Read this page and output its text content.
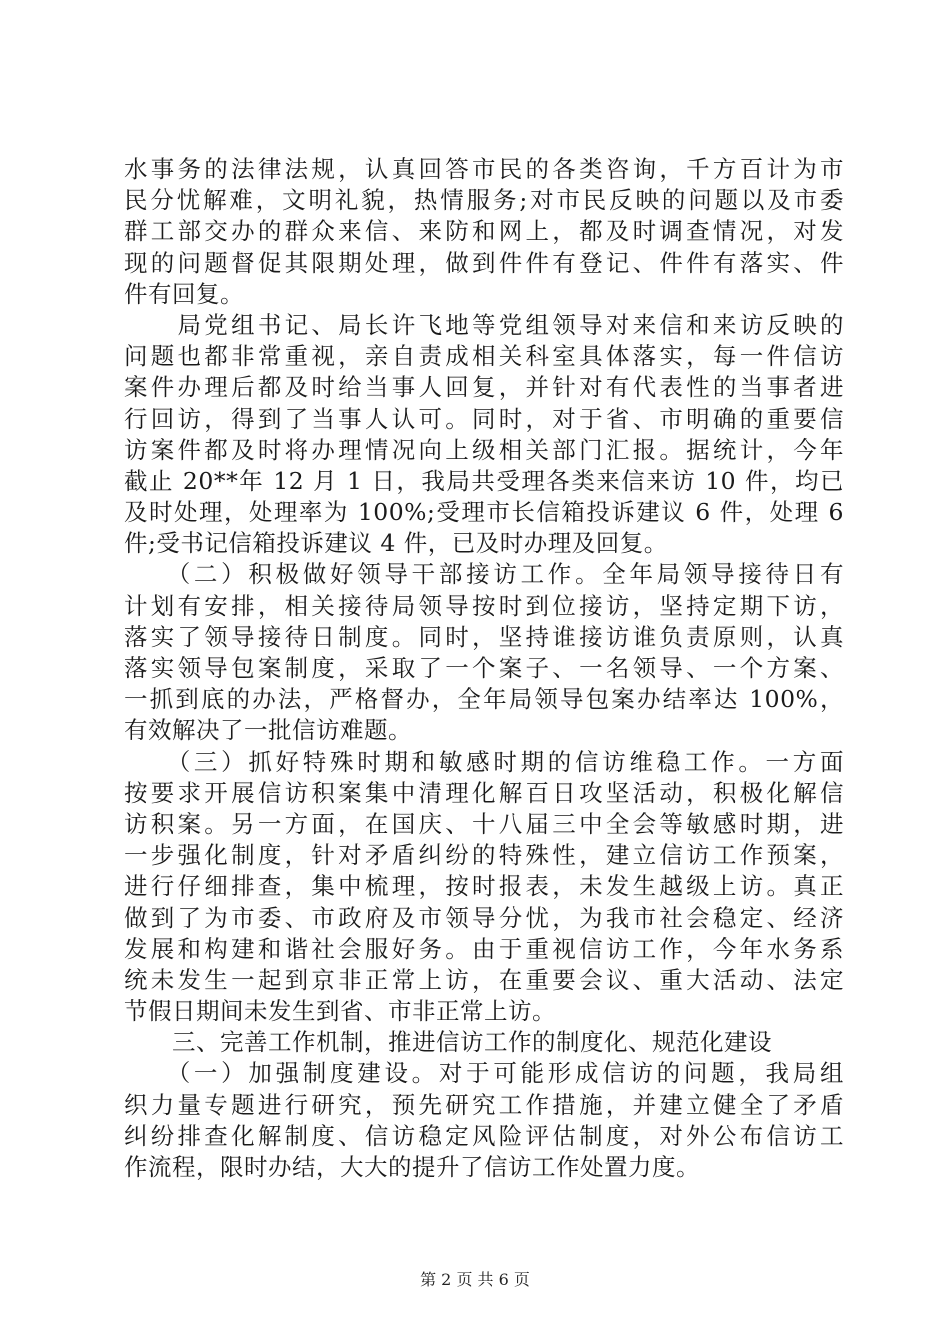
水事务的法律法规，认真回答市民的各类咨询，千方百计为市
民分忧解难，文明礼貌，热情服务;对市民反映的问题以及市委
群工部交办的群众来信、来防和网上，都及时调查情况，对发
现的问题督促其限期处理，做到件件有登记、件件有落实、件
件有回复。
　　局党组书记、局长许飞地等党组领导对来信和来访反映的
问题也都非常重视，亲自责成相关科室具体落实，每一件信访
案件办理后都及时给当事人回复，并针对有代表性的当事者进
行回访，得到了当事人认可。同时，对于省、市明确的重要信
访案件都及时将办理情况向上级相关部门汇报。据统计，今年
截止 20**年 12 月 1 日，我局共受理各类来信来访 10 件，均已
及时处理，处理率为 100%;受理市长信箱投诉建议 6 件，处理 6
件;受书记信箱投诉建议 4 件，已及时办理及回复。
　　（二）积极做好领导干部接访工作。全年局领导接待日有
计划有安排，相关接待局领导按时到位接访，坚持定期下访，
落实了领导接待日制度。同时，坚持谁接访谁负责原则，认真
落实领导包案制度，采取了一个案子、一名领导、一个方案、
一抓到底的办法，严格督办，全年局领导包案办结率达 100%，
有效解决了一批信访难题。
　　（三）抓好特殊时期和敏感时期的信访维稳工作。一方面
按要求开展信访积案集中清理化解百日攻坚活动，积极化解信
访积案。另一方面，在国庆、十八届三中全会等敏感时期，进
一步强化制度，针对矛盾纠纷的特殊性，建立信访工作预案，
进行仔细排查，集中梳理，按时报表，未发生越级上访。真正
做到了为市委、市政府及市领导分忧，为我市社会稳定、经济
发展和构建和谐社会服好务。由于重视信访工作，今年水务系
统未发生一起到京非正常上访，在重要会议、重大活动、法定
节假日期间未发生到省、市非正常上访。
　　三、完善工作机制，推进信访工作的制度化、规范化建设
　　（一）加强制度建设。对于可能形成信访的问题，我局组
织力量专题进行研究，预先研究工作措施，并建立健全了矛盾
纠纷排查化解制度、信访稳定风险评估制度，对外公布信访工
作流程，限时办结，大大的提升了信访工作处置力度。
第 2 页 共 6 页
